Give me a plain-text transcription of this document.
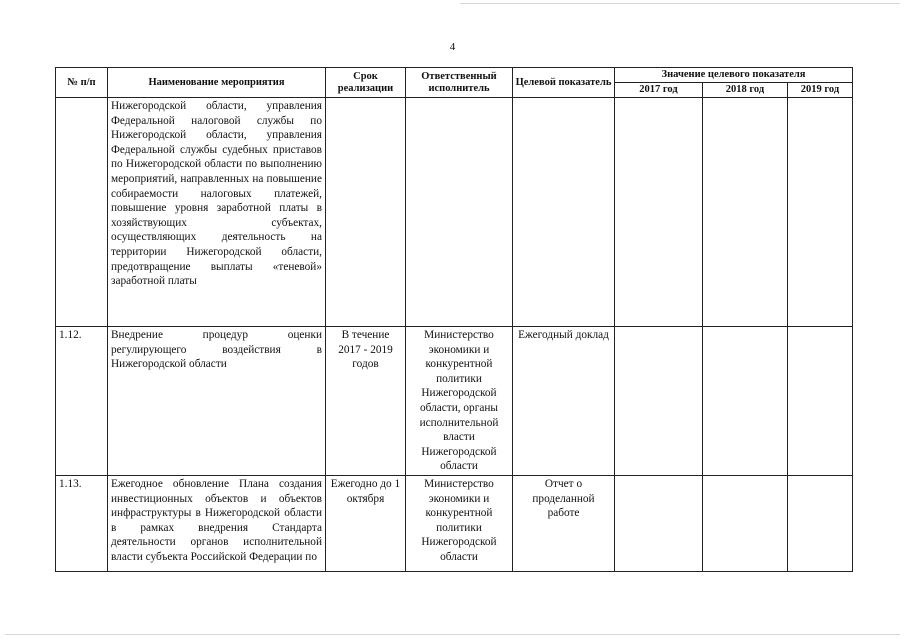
4
№ п/п	Наименование мероприятия	Срок реализации	Ответственный исполнитель	Целевой показатель	Значение целевого показателя		
					2017 год	2018 год	2019 год
	Нижегородской области, управления Федеральной налоговой службы по Нижегородской области, управления Федеральной службы судебных приставов по Нижегородской области по выполнению мероприятий, направленных на повышение собираемости налоговых платежей, повышение уровня заработной платы в хозяйствующих субъектах, осуществляющих деятельность на территории Нижегородской области, предотвращение выплаты «теневой» заработной платы						
1.12.	Внедрение процедур оценки регулирующего воздействия в Нижегородской области	В течение 2017 - 2019 годов	Министерство экономики и конкурентной политики Нижегородской области, органы исполнительной власти Нижегородской области	Ежегодный доклад			
1.13.	Ежегодное обновление Плана создания инвестиционных объектов и объектов инфраструктуры в Нижегородской области в рамках внедрения Стандарта деятельности органов исполнительной власти субъекта Российской Федерации по	Ежегодно до 1 октября	Министерство экономики и конкурентной политики Нижегородской области	Отчет о проделанной работе			
